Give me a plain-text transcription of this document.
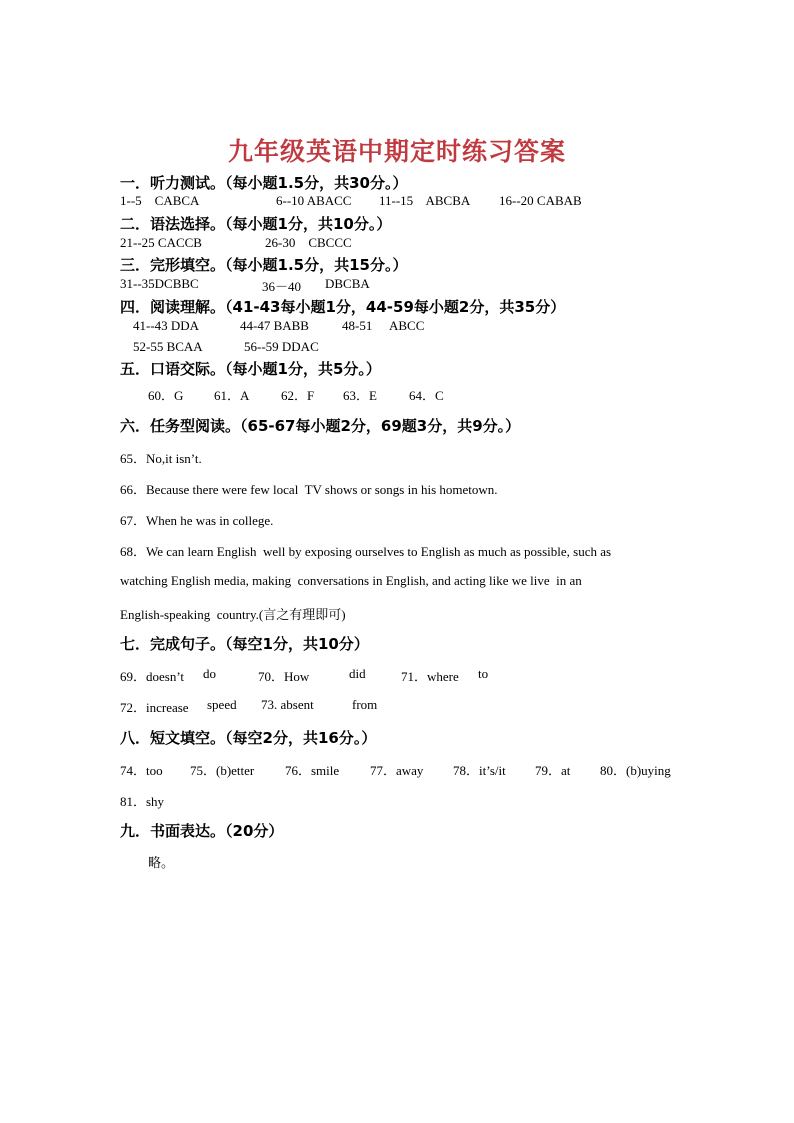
九年级英语中期定时练习答案
一．听力测试。（每小题1.5分，共30分。）
1--5    CABCA	6--10 ABACC 11--15    ABCBA 16--20 CABAB
二．语法选择。（每小题1分，共10分。）
21--25 CACCB	26-30    CBCCC
三．完形填空。（每小题1.5分，共15分。）
31--35DCBBC	36－40 DBCBA
四．阅读理解。（41-43每小题1分，44-59每小题2分，共35分）
41--43 DDA	44-47 BABB	48-51 ABCC
52-55 BCAA	56--59 DDAC
五．口语交际。（每小题1分，共5分。）
60．G 61．A 62．F 63．E 64．C
六．任务型阅读。（65-67每小题2分，69题3分，共9分。）
65．No,it isn’t.
66．Because there were few local  TV shows or songs in his hometown.
67．When he was in college.
68．We can learn English  well by exposing ourselves to English as much as possible, such as
watching English media, making  conversations in English, and acting like we live  in an
English-speaking  country.(言之有理即可)
七．完成句子。（每空1分，共10分）
69．doesn’t do	70．How	did	71．where to
72．increase speed 73. absent	from
八．短文填空。（每空2分，共16分。）
74．too 75．(b)etter 76．smile 77．away 78．it’s/it 79．at 80．(b)uying
81．shy
九．书面表达。（20分）
略。
